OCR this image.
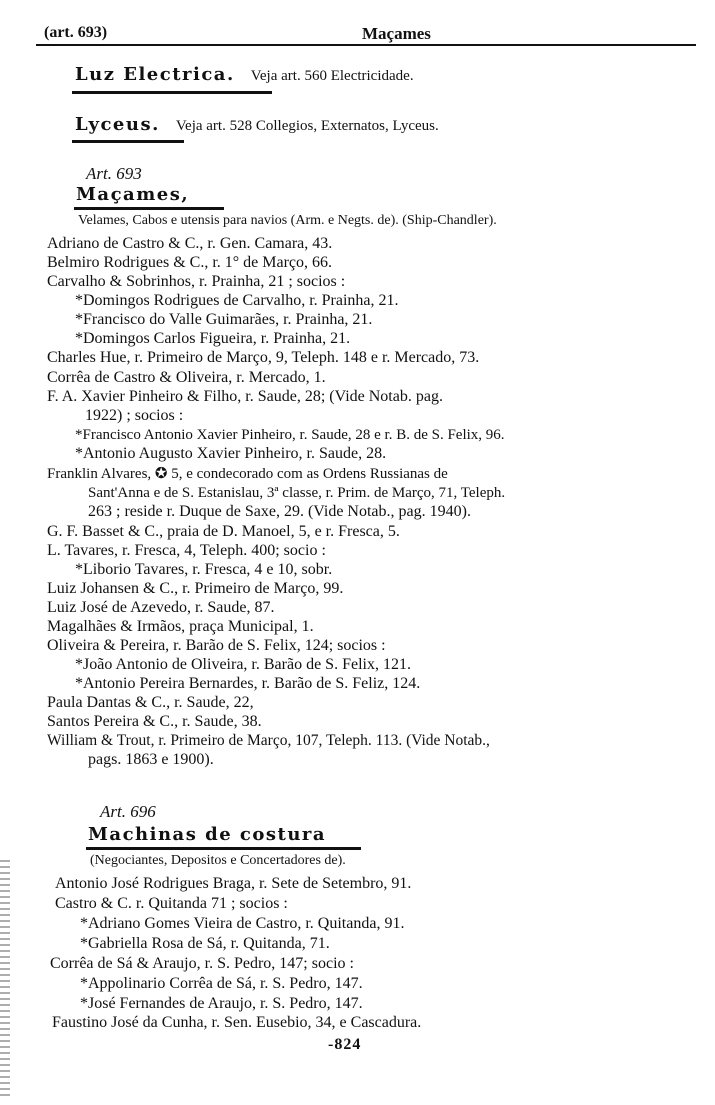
(art. 693)	Maçames
Luz Electrica. Veja art. 560 Electricidade.
Lyceus. Veja art. 528 Collegios, Externatos, Lyceus.
Art. 693
Maçames,
Velames, Cabos e utensis para navios (Arm. e Negts. de). (Ship-Chandler).
Adriano de Castro & C., r. Gen. Camara, 43.
Belmiro Rodrigues & C., r. 1° de Março, 66.
Carvalho & Sobrinhos, r. Prainha, 21 ; socios :
*Domingos Rodrigues de Carvalho, r. Prainha, 21.
*Francisco do Valle Guimarães, r. Prainha, 21.
*Domingos Carlos Figueira, r. Prainha, 21.
Charles Hue, r. Primeiro de Março, 9, Teleph. 148 e r. Mercado, 73.
Corrêa de Castro & Oliveira, r. Mercado, 1.
F. A. Xavier Pinheiro & Filho, r. Saude, 28; (Vide Notab. pag.
1922) ; socios :
*Francisco Antonio Xavier Pinheiro, r. Saude, 28 e r. B. de S. Felix, 96.
*Antonio Augusto Xavier Pinheiro, r. Saude, 28.
Franklin Alvares, ✪ 5, e condecorado com as Ordens Russianas de
Sant'Anna e de S. Estanislau, 3ª classe, r. Prim. de Março, 71, Teleph.
263 ; reside r. Duque de Saxe, 29. (Vide Notab., pag. 1940).
G. F. Basset & C., praia de D. Manoel, 5, e r. Fresca, 5.
L. Tavares, r. Fresca, 4, Teleph. 400; socio :
*Liborio Tavares, r. Fresca, 4 e 10, sobr.
Luiz Johansen & C., r. Primeiro de Março, 99.
Luiz José de Azevedo, r. Saude, 87.
Magalhães & Irmãos, praça Municipal, 1.
Oliveira & Pereira, r. Barão de S. Felix, 124; socios :
*João Antonio de Oliveira, r. Barão de S. Felix, 121.
*Antonio Pereira Bernardes, r. Barão de S. Feliz, 124.
Paula Dantas & C., r. Saude, 22,
Santos Pereira & C., r. Saude, 38.
William & Trout, r. Primeiro de Março, 107, Teleph. 113. (Vide Notab.,
pags. 1863 e 1900).
Art. 696
Machinas de costura
(Negociantes, Depositos e Concertadores de).
Antonio José Rodrigues Braga, r. Sete de Setembro, 91.
Castro & C. r. Quitanda 71 ; socios :
*Adriano Gomes Vieira de Castro, r. Quitanda, 91.
*Gabriella Rosa de Sá, r. Quitanda, 71.
Corrêa de Sá & Araujo, r. S. Pedro, 147; socio :
*Appolinario Corrêa de Sá, r. S. Pedro, 147.
*José Fernandes de Araujo, r. S. Pedro, 147.
Faustino José da Cunha, r. Sen. Eusebio, 34, e Cascadura.
-824
